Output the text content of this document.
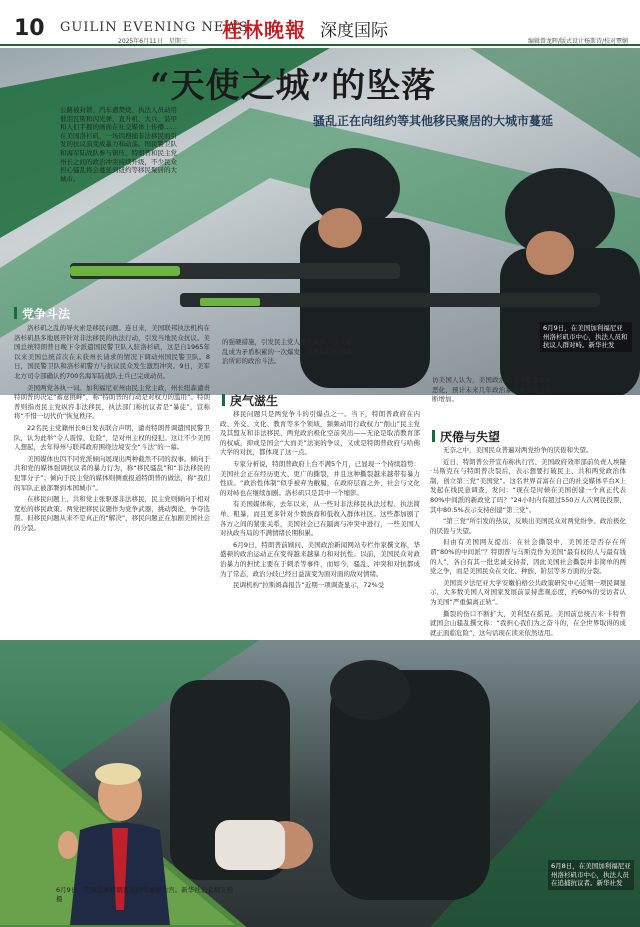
10 GUILIN EVENING NEWS
2025年6月11日　星期三 桂林晚報 深度国际
编辑曾龙晖/版式设计杨斯诗/校对覃娴
“天使之城”的坠落
骚乱正在向纽约等其他移民聚居的大城市蔓延
公路被封锁、汽车遭焚烧、执法人员动用催泪瓦斯和闪光弹、直升机、大兵、装甲和人们手握的画面在社交媒体上传播……在美国洛杉矶，一场因搜捕非法移民而引发的抗议演变成暴力和动荡。国民警卫队和海军陆战队参与镇压，特朗普和民主党州长之间的政治冲突持续升级，不少民众担心骚乱将会蔓延到纽约等移民聚居的大城市。
6月9日，在美国加利福尼亚州洛杉矶市中心，执法人员和抗议人群对峙。新华社发
党争斗法

洛杉矶之乱的导火索是移民问题。连日来，美国联邦执法机构在洛杉矶县多地展开针对非法移民的执法行动，引发当地民众抗议。美国总统特朗普日晚下令派遣国民警卫队入驻洛杉矶，这是自1965年以来美国总统首次在未获州长请求的情况下调动州国民警卫队。8日，国民警卫队和洛杉矶警方与抗议民众发生激烈冲突。9日，美军北方司令部确认约700名海军陆战队士兵已完成动员。

美国两党各执一词。加利福尼亚州由民主党主政，州长纽森谴责特朗普的决定“蓄意挑衅”，称“特朗普的行动是对权力的滥用”。特朗普则指责民主党纵容非法移民，执法部门称抗议者是“暴徒”，宣称将“不惜一切代价”恢复秩序。

22名民主党籍州长8日发表联合声明，谴责特朗普调遣国民警卫队，认为此举“令人震惊、危险”，是对州主权的侵犯。这让不少美国人想起，去年得州与联邦政府围绕边境安全“斗法”的一幕。

美国媒体也因不同党派倾向展现出两种截然不同的叙事。倾向于共和党的媒体强调抗议者的暴力行为，称“移民骚乱”和“非法移民的犯罪分子”；倾向于民主党的媒体则侧重报道特朗普的做法，称“我们的军队正被部署到本国城市”。

在移民问题上，共和党主张驱逐非法移民，民主党则倾向于相对宽松的移民政策。两党把移民议题作为党争武器，挑动舆论，争夺选票。但移民问题从来不是真正的“解决”，移民问题正在加剧美国社会的分裂。

的强硬措施，引发民主党人强烈反弹。这次骚乱成为矛盾积累的一次爆发，其背后是党派政治所彩的政治斗法。
访美国人认为，美国政治的文明程度正在恶化，预计未来几年政治暴力事件将会不断增加。
戾气滋生

移民问题只是两党争斗的引爆点之一。当下，特朗普政府在内政、外交、文化、教育等多个领域，频频动用行政权力“削山”民主党及其盟友和非法移民，两党政治极化空前突出——无论是取消教育部的权威，抑或是国会“大而美”法案的争议，又或是特朗普政府与哈佛大学的对抗，都体现了这一点。

专家分析说，特朗普政府上台不满5个月，已显现一个持续趋势：美国社会正在经历更大、更广的撕裂，并且这种撕裂越来越带有暴力性质。“政治性体制”似乎被弃为敝履，在政府层面之外，社会与文化的对峙也在继续加剧。洛杉矶只是其中一个缩影。

有美国媒体称，去年以来，从一些对非法移民执法过程、执法简单、粗暴，而且更多针对少数族裔和低收入群体社区。这些都加剧了各方之间的紧张关系，美国社会已在隔离与冲突中进行，一些美国人对执政当局的不满情绪长期积累。

6月9日，特朗普前顾问、美国政治新闻网站专栏作家撰文称，华盛顿的政治运动正在变得越来越暴力和对抗性。以前，美国民众对政治暴力的担忧主要在于刺杀等事件，而如今，骚乱、冲突和对抗都成为了常态，政治分歧已经日益演变为面对面的敌对情绪。

民调机构“拉斯姆森报告”近期一项调查显示，72%受

厌倦与失望

无奈之中，美国民众普遍对两党纷争的厌倦和失望。

近日，特朗普公开宣布称执行官、美国政府效率部前负责人埃隆·马斯克在与特朗普决裂后，表示想要打破民主、共和两党政治体制，创立第三党“美国党”。这名世界首富在自己的社交媒体平台X上发起在线民意调查，发问：“现在是时候在美国创建一个真正代表80%中间派的新政党了吗？”24小时内有超过550万人次网民投票，其中80.5%表示支持创建“第三党”。

“第三党”所引发的热议，反映出美国民众对两党纷争、政治极化的厌倦与失望。

但由有美国网友提出：在社会撕裂中，美国还是否存在所谓“80%的中间派”？特朗普与马斯克作为美国“最有权的人与最有钱的人”，各自有其一批忠诚支持者，因此美国社会撕裂并非简单的两党之争，而是美国民众在文化、种族、阶层等多方面的分裂。

美国宾夕法尼亚大学安嫩伯格公共政策研究中心近期一项民调显示，大多数美国人对国家发展前景持悲观态度，约60%的受访者认为美国“严重偏离正轨”。

撕裂的伤口不断扩大，美利坚在摇晃。美国前总统吉米·卡特曾就国会山骚乱撰文称：“我担心我们为之奋斗的，在全世界取得的成就正面临危险”，这句话现在读来依然适用。

6月8日，在美国加利福尼亚州洛杉矶市中心，执法人员在追捕抗议者。新华社发
6月9日，美国总统特朗普返回华盛顿白宫。新华社记者胡友松　摄
